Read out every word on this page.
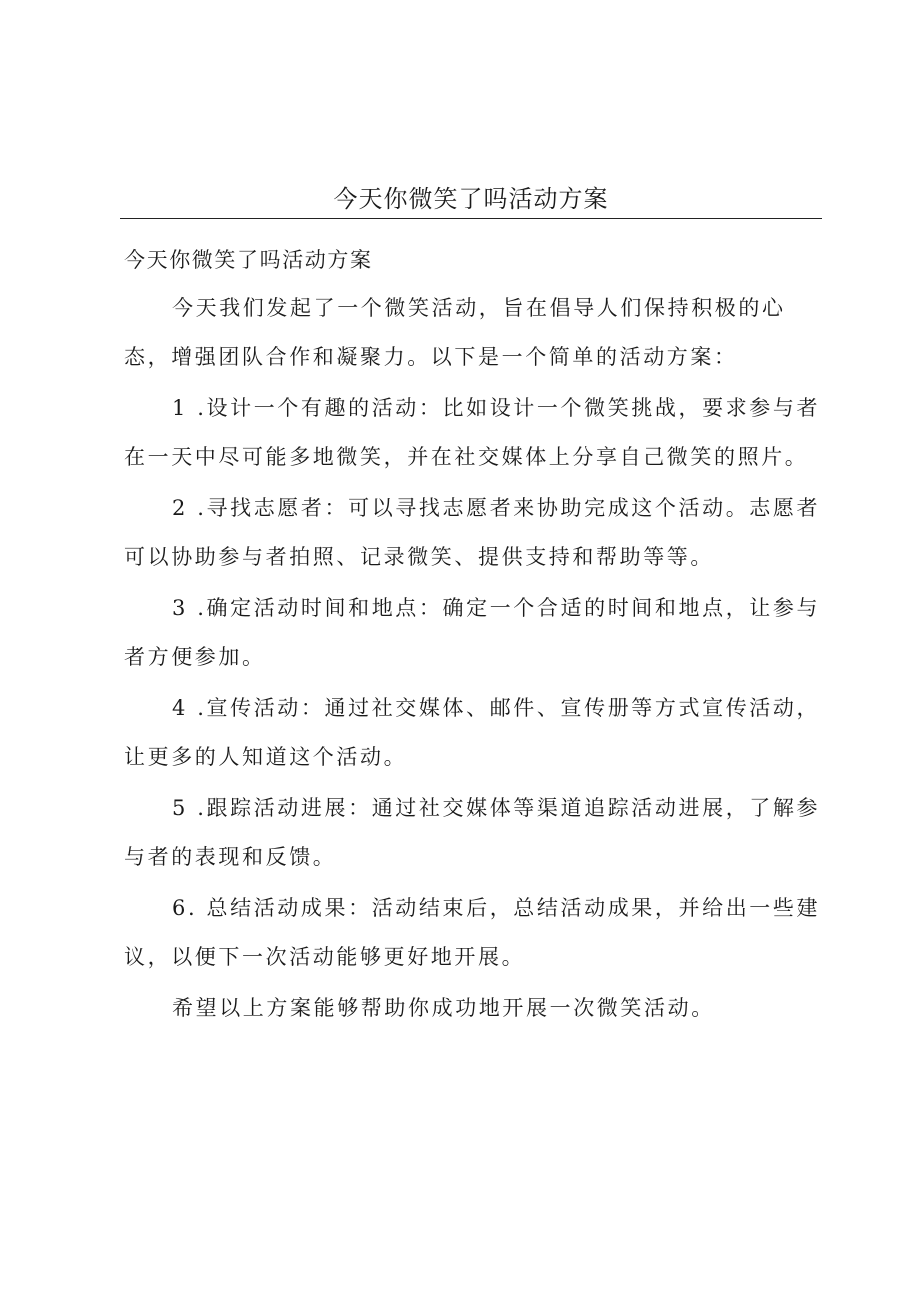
今天你微笑了吗活动方案

今天你微笑了吗活动方案

今天我们发起了一个微笑活动，旨在倡导人们保持积极的心态，增强团队合作和凝聚力。以下是一个简单的活动方案：

1 .设计一个有趣的活动：比如设计一个微笑挑战，要求参与者在一天中尽可能多地微笑，并在社交媒体上分享自己微笑的照片。

2 .寻找志愿者：可以寻找志愿者来协助完成这个活动。志愿者可以协助参与者拍照、记录微笑、提供支持和帮助等等。

3 .确定活动时间和地点：确定一个合适的时间和地点，让参与者方便参加。

4 .宣传活动：通过社交媒体、邮件、宣传册等方式宣传活动，让更多的人知道这个活动。

5 .跟踪活动进展：通过社交媒体等渠道追踪活动进展，了解参与者的表现和反馈。

6. 总结活动成果：活动结束后，总结活动成果，并给出一些建议，以便下一次活动能够更好地开展。

希望以上方案能够帮助你成功地开展一次微笑活动。
